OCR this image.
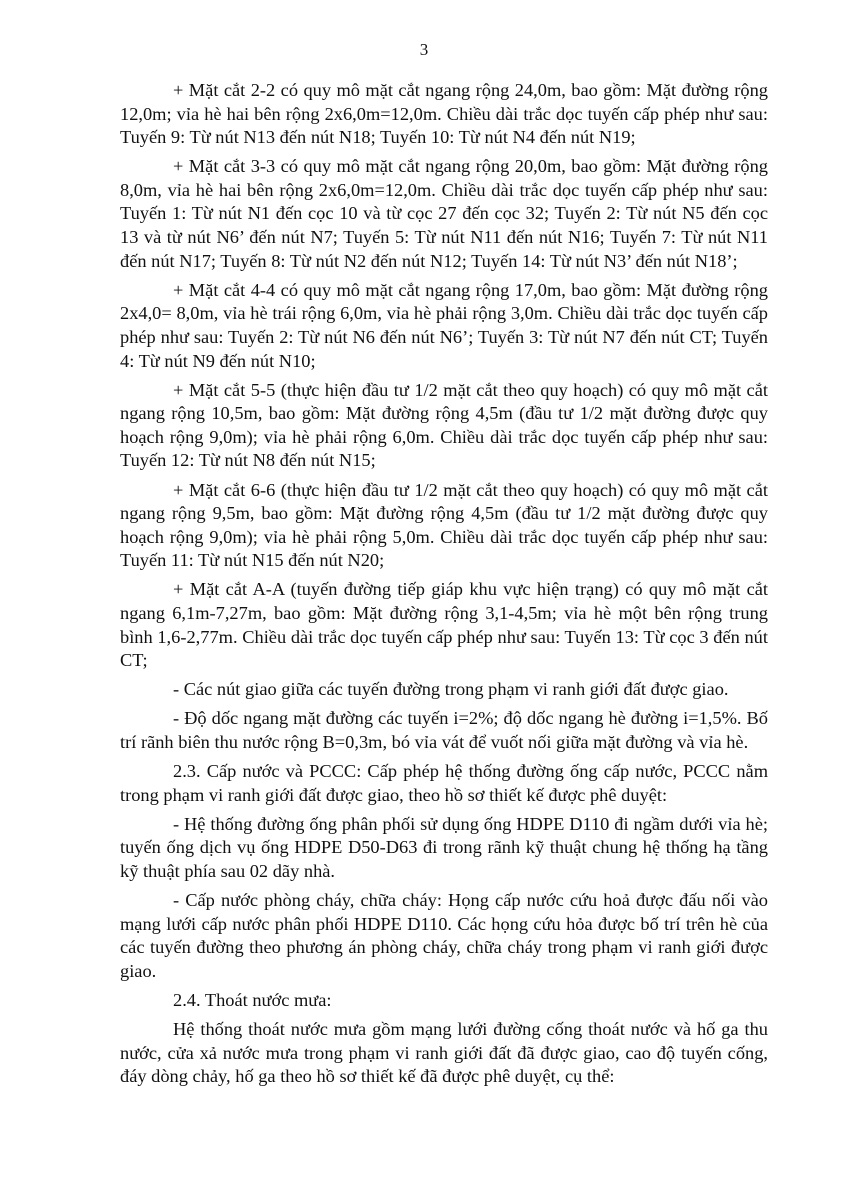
3

+ Mặt cắt 2-2 có quy mô mặt cắt ngang rộng 24,0m, bao gồm: Mặt đường rộng 12,0m; vỉa hè hai bên rộng 2x6,0m=12,0m. Chiều dài trắc dọc tuyến cấp phép như sau: Tuyến 9: Từ nút N13 đến nút N18; Tuyến 10: Từ nút N4 đến nút N19;

+ Mặt cắt 3-3 có quy mô mặt cắt ngang rộng 20,0m, bao gồm: Mặt đường rộng 8,0m, vỉa hè hai bên rộng 2x6,0m=12,0m. Chiều dài trắc dọc tuyến cấp phép như sau: Tuyến 1: Từ nút N1 đến cọc 10 và từ cọc 27 đến cọc 32; Tuyến 2: Từ nút N5 đến cọc 13 và từ nút N6’ đến nút N7; Tuyến 5: Từ nút N11 đến nút N16; Tuyến 7: Từ nút N11 đến nút N17; Tuyến 8: Từ nút N2 đến nút N12; Tuyến 14: Từ nút N3’ đến nút N18’;

+ Mặt cắt 4-4 có quy mô mặt cắt ngang rộng 17,0m, bao gồm: Mặt đường rộng 2x4,0= 8,0m, vỉa hè trái rộng 6,0m, vỉa hè phải rộng 3,0m. Chiều dài trắc dọc tuyến cấp phép như sau: Tuyến 2: Từ nút N6 đến nút N6’; Tuyến 3: Từ nút N7 đến nút CT; Tuyến 4: Từ nút N9 đến nút N10;

+ Mặt cắt 5-5 (thực hiện đầu tư 1/2 mặt cắt theo quy hoạch) có quy mô mặt cắt ngang rộng 10,5m, bao gồm: Mặt đường rộng 4,5m (đầu tư 1/2 mặt đường được quy hoạch rộng 9,0m); vỉa hè phải rộng 6,0m. Chiều dài trắc dọc tuyến cấp phép như sau: Tuyến 12: Từ nút N8 đến nút N15;

+ Mặt cắt 6-6 (thực hiện đầu tư 1/2 mặt cắt theo quy hoạch) có quy mô mặt cắt ngang rộng 9,5m, bao gồm: Mặt đường rộng 4,5m (đầu tư 1/2 mặt đường được quy hoạch rộng 9,0m); vỉa hè phải rộng 5,0m. Chiều dài trắc dọc tuyến cấp phép như sau: Tuyến 11: Từ nút N15 đến nút N20;

+ Mặt cắt A-A (tuyến đường tiếp giáp khu vực hiện trạng) có quy mô mặt cắt ngang 6,1m-7,27m, bao gồm: Mặt đường rộng 3,1-4,5m; vỉa hè một bên rộng trung bình 1,6-2,77m. Chiều dài trắc dọc tuyến cấp phép như sau: Tuyến 13: Từ cọc 3 đến nút CT;

- Các nút giao giữa các tuyến đường trong phạm vi ranh giới đất được giao.

- Độ dốc ngang mặt đường các tuyến i=2%; độ dốc ngang hè đường i=1,5%. Bố trí rãnh biên thu nước rộng B=0,3m, bó vỉa vát để vuốt nối giữa mặt đường và vỉa hè.

2.3. Cấp nước và PCCC: Cấp phép hệ thống đường ống cấp nước, PCCC nằm trong phạm vi ranh giới đất được giao, theo hồ sơ thiết kế được phê duyệt:

- Hệ thống đường ống phân phối sử dụng ống HDPE D110 đi ngầm dưới vỉa hè; tuyến ống dịch vụ ống HDPE D50-D63 đi trong rãnh kỹ thuật chung hệ thống hạ tầng kỹ thuật phía sau 02 dãy nhà.

- Cấp nước phòng cháy, chữa cháy: Họng cấp nước cứu hoả được đấu nối vào mạng lưới cấp nước phân phối HDPE D110. Các họng cứu hỏa được bố trí trên hè của các tuyến đường theo phương án phòng cháy, chữa cháy trong phạm vi ranh giới được giao.

2.4. Thoát nước mưa:

Hệ thống thoát nước mưa gồm mạng lưới đường cống thoát nước và hố ga thu nước, cửa xả nước mưa trong phạm vi ranh giới đất đã được giao, cao độ tuyến cống, đáy dòng chảy, hố ga theo hồ sơ thiết kế đã được phê duyệt, cụ thể:
